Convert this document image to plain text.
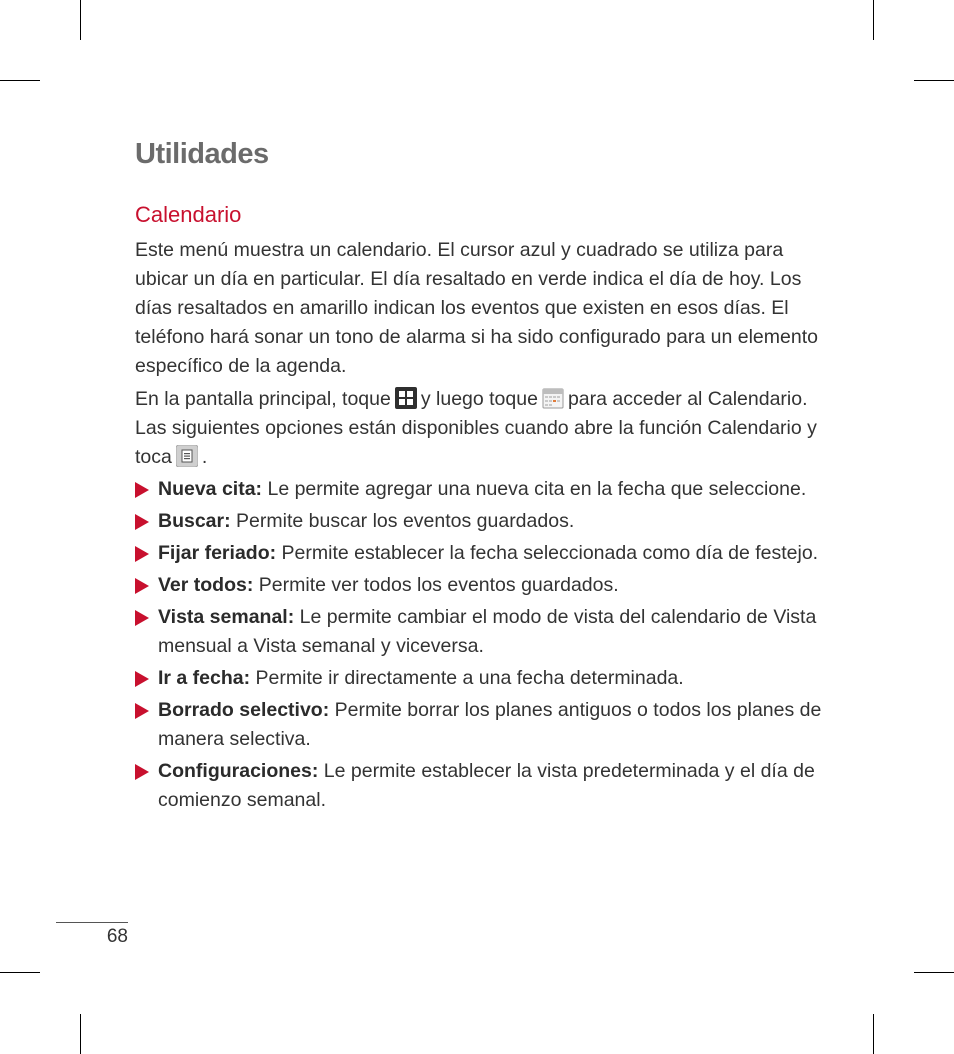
Utilidades
Calendario

Este menú muestra un calendario. El cursor azul y cuadrado se utiliza para ubicar un día en particular. El día resaltado en verde indica el día de hoy. Los días resaltados en amarillo indican los eventos que existen en esos días. El teléfono hará sonar un tono de alarma si ha sido configurado para un elemento específico de la agenda.

En la pantalla principal, toque y luego toque para acceder al Calendario. Las siguientes opciones están disponibles cuando abre la función Calendario y toca .

Nueva cita: Le permite agregar una nueva cita en la fecha que seleccione.
Buscar: Permite buscar los eventos guardados.
Fijar feriado: Permite establecer la fecha seleccionada como día de festejo.
Ver todos: Permite ver todos los eventos guardados.
Vista semanal: Le permite cambiar el modo de vista del calendario de Vista mensual a Vista semanal y viceversa.
Ir a fecha: Permite ir directamente a una fecha determinada.
Borrado selectivo: Permite borrar los planes antiguos o todos los planes de manera selectiva.
Configuraciones: Le permite establecer la vista predeterminada y el día de comienzo semanal.
68
